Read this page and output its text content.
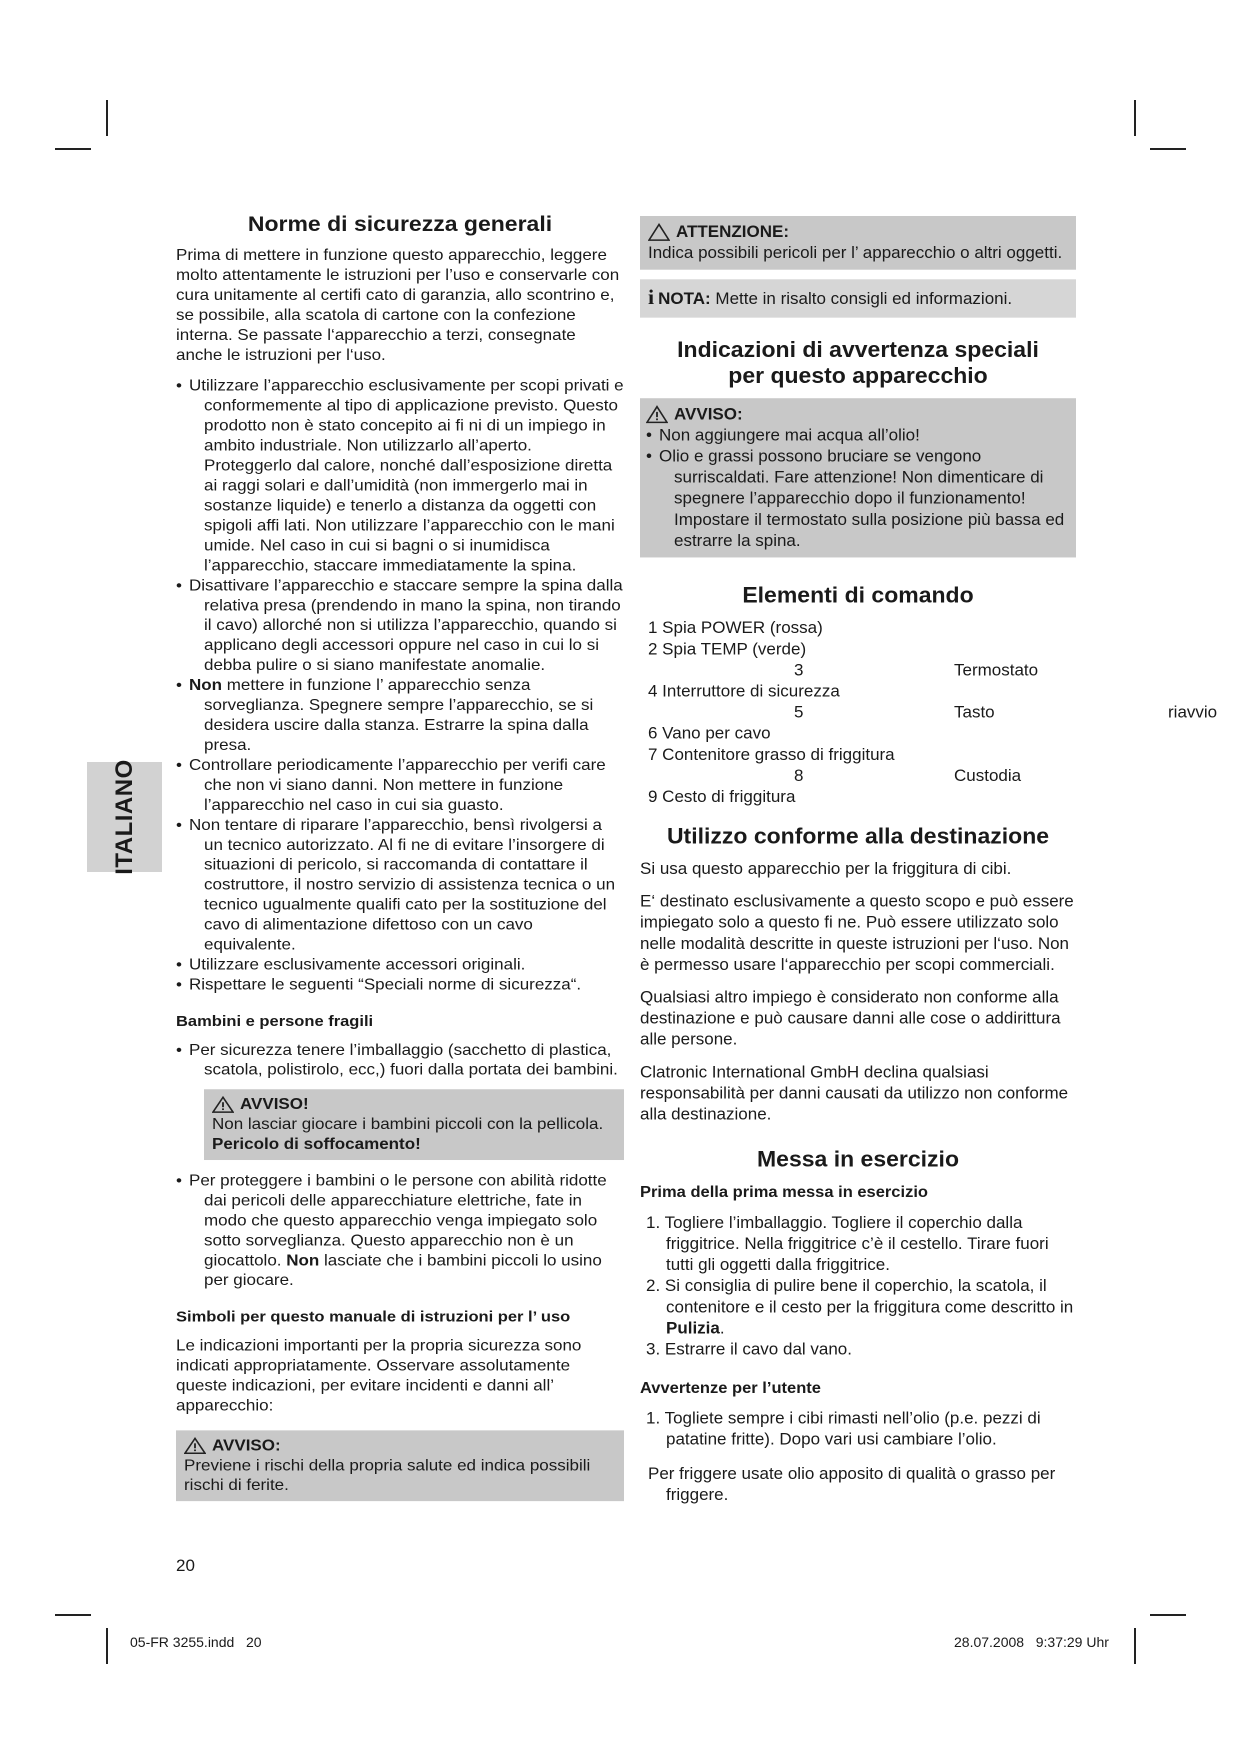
ITALIANO
Norme di sicurezza generali

Prima di mettere in funzione questo apparecchio, leggere molto attentamente le istruzioni per l’uso e conservarle con cura unitamente al certifi cato di garanzia, allo scontrino e, se possibile, alla scatola di cartone con la confezione interna. Se passate l‘apparecchio a terzi, consegnate anche le istruzioni per l‘uso.

• Utilizzare l’apparecchio esclusivamente per scopi privati e conformemente al tipo di applicazione previsto. Questo prodotto non è stato concepito ai fi ni di un impiego in ambito industriale. Non utilizzarlo all’aperto. Proteggerlo dal calore, nonché dall’esposizione diretta ai raggi solari e dall’umidità (non immergerlo mai in sostanze liquide) e tenerlo a distanza da oggetti con spigoli affi lati. Non utilizzare l’apparecchio con le mani umide. Nel caso in cui si bagni o si inumidisca l’apparecchio, staccare immediatamente la spina.
• Disattivare l’apparecchio e staccare sempre la spina dalla relativa presa (prendendo in mano la spina, non tirando il cavo) allorché non si utilizza l’apparecchio, quando si applicano degli accessori oppure nel caso in cui lo si debba pulire o si siano manifestate anomalie.
• Non mettere in funzione l’ apparecchio senza sorveglianza. Spegnere sempre l’apparecchio, se si desidera uscire dalla stanza. Estrarre la spina dalla presa.
• Controllare periodicamente l’apparecchio per verifi care che non vi siano danni. Non mettere in funzione l’apparecchio nel caso in cui sia guasto.
• Non tentare di riparare l’apparecchio, bensì rivolgersi a un tecnico autorizzato. Al fi ne di evitare l’insorgere di situazioni di pericolo, si raccomanda di contattare il costruttore, il nostro servizio di assistenza tecnica o un tecnico ugualmente qualifi cato per la sostituzione del cavo di alimentazione difettoso con un cavo equivalente.
• Utilizzare esclusivamente accessori originali.
• Rispettare le seguenti “Speciali norme di sicurezza“.
Bambini e persone fragili
• Per sicurezza tenere l’imballaggio (sacchetto di plastica, scatola, polistirolo, ecc,) fuori dalla portata dei bambini.
AVVISO!
Non lasciar giocare i bambini piccoli con la pellicola.
Pericolo di soffocamento!
• Per proteggere i bambini o le persone con abilità ridotte dai pericoli delle apparecchiature elettriche, fate in modo che questo apparecchio venga impiegato solo sotto sorveglianza. Questo apparecchio non è un giocattolo. Non lasciate che i bambini piccoli lo usino per giocare.
Simboli per questo manuale di istruzioni per l’ uso

Le indicazioni importanti per la propria sicurezza sono indicati appropriatamente. Osservare assolutamente queste indicazioni, per evitare incidenti e danni all’ apparecchio:

AVVISO:
Previene i rischi della propria salute ed indica possibili rischi di ferite.
ATTENZIONE:
Indica possibili pericoli per l’ apparecchio o altri oggetti.
i NOTA: Mette in risalto consigli ed informazioni.
Indicazioni di avvertenza speciali
per questo apparecchio
AVVISO:
• Non aggiungere mai acqua all’olio!
• Olio e grassi possono bruciare se vengono surriscaldati. Fare attenzione! Non dimenticare di spegnere l’apparecchio dopo il funzionamento! Impostare il termostato sulla posizione più bassa ed estrarre la spina.
Elementi di comando
1 Spia POWER (rossa)
2 Spia TEMP (verde)
3	Termostato
4 Interruttore di sicurezza
5	Tasto	riavvio
6 Vano per cavo
7 Contenitore grasso di friggitura
8	Custodia
9 Cesto di friggitura
Utilizzo conforme alla destinazione

Si usa questo apparecchio per la friggitura di cibi.

E‘ destinato esclusivamente a questo scopo e può essere impiegato solo a questo fi ne. Può essere utilizzato solo nelle modalità descritte in queste istruzioni per l‘uso. Non è permesso usare l‘apparecchio per scopi commerciali.

Qualsiasi altro impiego è considerato non conforme alla destinazione e può causare danni alle cose o addirittura alle persone.

Clatronic International GmbH declina qualsiasi responsabilità per danni causati da utilizzo non conforme alla destinazione.

Messa in esercizio
Prima della prima messa in esercizio
1. Togliere l’imballaggio. Togliere il coperchio dalla friggitrice. Nella friggitrice c’è il cestello. Tirare fuori tutti gli oggetti dalla friggitrice.
2. Si consiglia di pulire bene il coperchio, la scatola, il contenitore e il cesto per la friggitura come descritto in Pulizia.
3. Estrarre il cavo dal vano.
Avvertenze per l’utente
1. Togliete sempre i cibi rimasti nell’olio (p.e. pezzi di patatine fritte). Dopo vari usi cambiare l’olio.
Per friggere usate olio apposito di qualità o grasso per friggere.
20
05-FR 3255.indd   20	28.07.2008   9:37:29 Uhr
